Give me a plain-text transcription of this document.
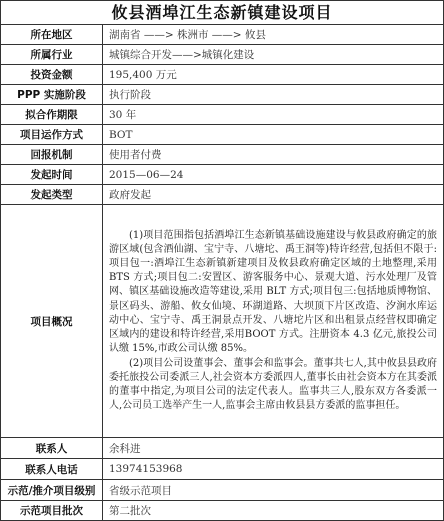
攸县酒埠江生态新镇建设项目
所在地区	湖南省 ——> 株洲市 ——> 攸县
所属行业	城镇综合开发——>城镇化建设
投资金额	195,400 万元
PPP 实施阶段	执行阶段
拟合作期限	30 年
项目运作方式	BOT
回报机制	使用者付费
发起时间	2015—06—24
发起类型	政府发起
项目概况	(1)项目范围指包括酒埠江生态新镇基础设施建设与攸县政府确定的旅游区域(包含酒仙湖、宝宁寺、八塘坨、禹王洞等)特许经营,包括但不限于:项目包一:酒埠江生态新镇新建项目及攸县政府确定区域的土地整理,采用 BTS 方式;项目包二:安置区、游客服务中心、景观大道、污水处理厂及管网、镇区基础设施改造等建设,采用 BLT 方式;项目包三:包括地质博物馆、景区码头、游船、攸女仙境、环湖道路、大坝顶下片区改造、汐涧水库运动中心、宝宁寺、禹王洞景点开发、八塘坨片区和出租景点经营权即确定区域内的建设和特许经营,采用BOOT 方式。注册资本 4.3 亿元,旅投公司认缴 15%,市政公司认缴 85%。

(2)项目公司设董事会、董事会和监事会。董事共七人,其中攸县县政府委托旅投公司委派三人,社会资本方委派四人,董事长由社会资本方在其委派的董事中指定,为项目公司的法定代表人。监事共三人,股东双方各委派一人,公司员工选举产生一人,监事会主席由攸县县方委派的监事担任。

联系人	余科进
联系人电话	13974153968
示范/推介项目级别	省级示范项目
示范项目批次	第二批次
